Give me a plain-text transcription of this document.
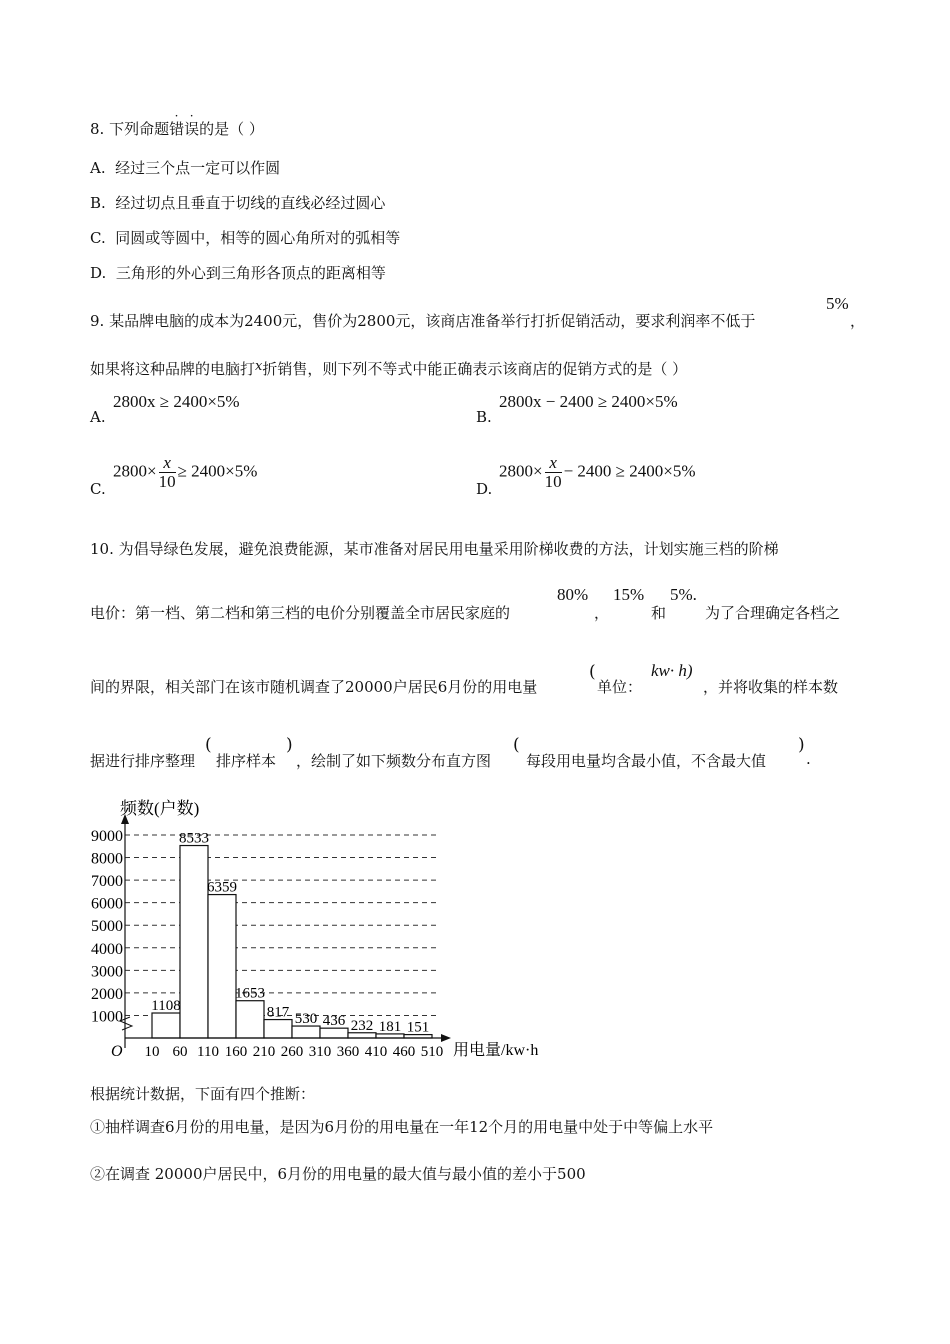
8. 下列命题
·
错
·
误的是（ ）
A. 经过三个点一定可以作圆
B. 经过切点且垂直于切线的直线必经过圆心
C. 同圆或等圆中，相等的圆心角所对的弧相等
D. 三角形的外心到三角形各顶点的距离相等
9. 某品牌电脑的成本为2400元，售价为2800元，该商店准备举行打折促销活动，要求利润率不低于
5%
，
如果将这种品牌的电脑打x折销售，则下列不等式中能正确表示该商店的促销方式的是（ ）
A.
2800x ≥ 2400×5%
B.
2800x − 2400 ≥ 2400×5%
C.
$2800\times \frac{x}{10} \ge 2400\times 5\%$
D.
$2800\times \frac{x}{10} - 2400 \ge 2400\times 5\%$
10. 为倡导绿色发展，避免浪费能源，某市准备对居民用电量采用阶梯收费的方法，计划实施三档的阶梯
电价：第一档、第二档和第三档的电价分别覆盖全市居民家庭的
80%
，
15%
和
5%.
为了合理确定各档之
间的界限，相关部门在该市随机调查了20000户居民6月份的用电量
(
单位：
kw· h)
，并将收集的样本数
据进行排序整理
(
排序样本
)
，绘制了如下频数分布直方图
(
每段用电量均含最小值，不含最大值
)
.
频数(户数)
用电量/kw·h
O
1000
2000
3000
4000
5000
6000
7000
8000
9000
1108
8533
6359
1653
817 530 436 232 181 151
10 60 110 160 210 260 310 360 410 460 510
根据统计数据，下面有四个推断：
①抽样调查6月份的用电量，是因为6月份的用电量在一年12个月的用电量中处于中等偏上水平
②在调查 20000户居民中，6月份的用电量的最大值与最小值的差小于500
